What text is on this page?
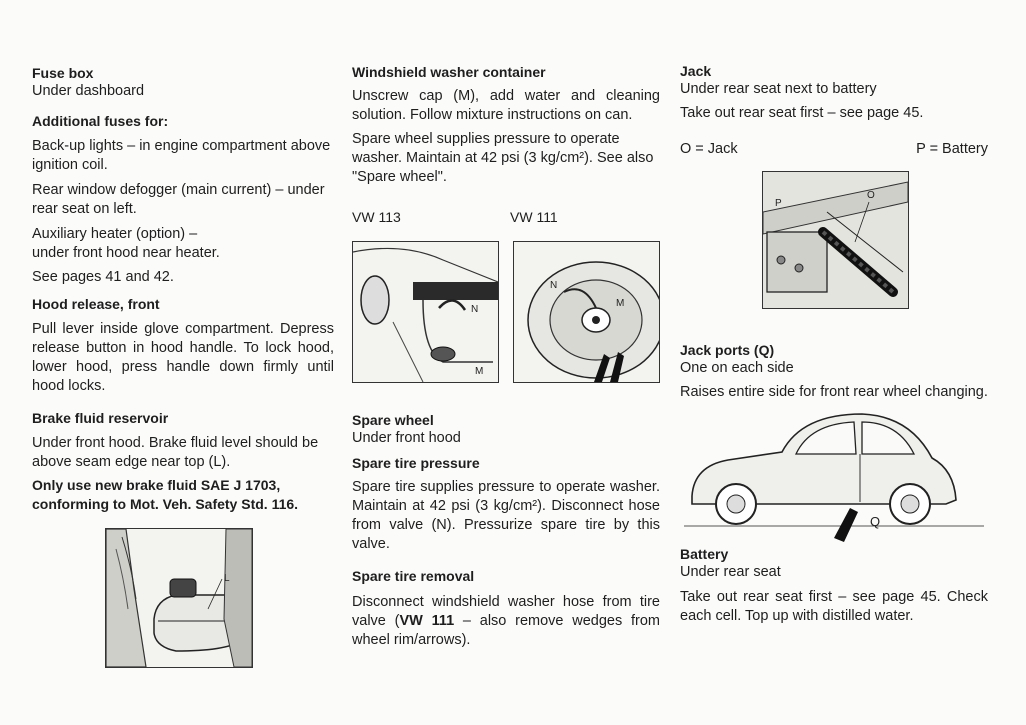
Fuse box

Under dashboard

Additional fuses for:

Back-up lights – in engine compartment above ignition coil.

Rear window defogger (main current) – under rear seat on left.

Auxiliary heater (option) –

under front hood near heater.

See pages 41 and 42.

Hood release, front

Pull lever inside glove compartment. Depress release button in hood handle. To lock hood, lower hood, press handle down firmly until hood locks.

Brake fluid reservoir

Under front hood. Brake fluid level should be above seam edge near top (L).

Only use new brake fluid SAE J 1703, conforming to Mot. Veh. Safety Std. 116.

L

Windshield washer container

Unscrew cap (M), add water and cleaning solution. Follow mixture instructions on can.

Spare wheel supplies pressure to operate washer. Maintain at 42 psi (3 kg/cm²). See also "Spare wheel".

VW 113	VW 111
N
M
N
M

Spare wheel

Under front hood

Spare tire pressure

Spare tire supplies pressure to operate washer. Maintain at 42 psi (3 kg/cm²). Disconnect hose from valve (N). Pressurize spare tire by this valve.

Spare tire removal

Disconnect windshield washer hose from tire valve (VW 111 – also remove wedges from wheel rim/arrows).

Jack

Under rear seat next to battery

Take out rear seat first – see page 45.

O = Jack	P = Battery
P
O

Jack ports (Q)

One on each side

Raises entire side for front rear wheel changing.

Q

Battery

Under rear seat

Take out rear seat first – see page 45. Check each cell. Top up with distilled water.
